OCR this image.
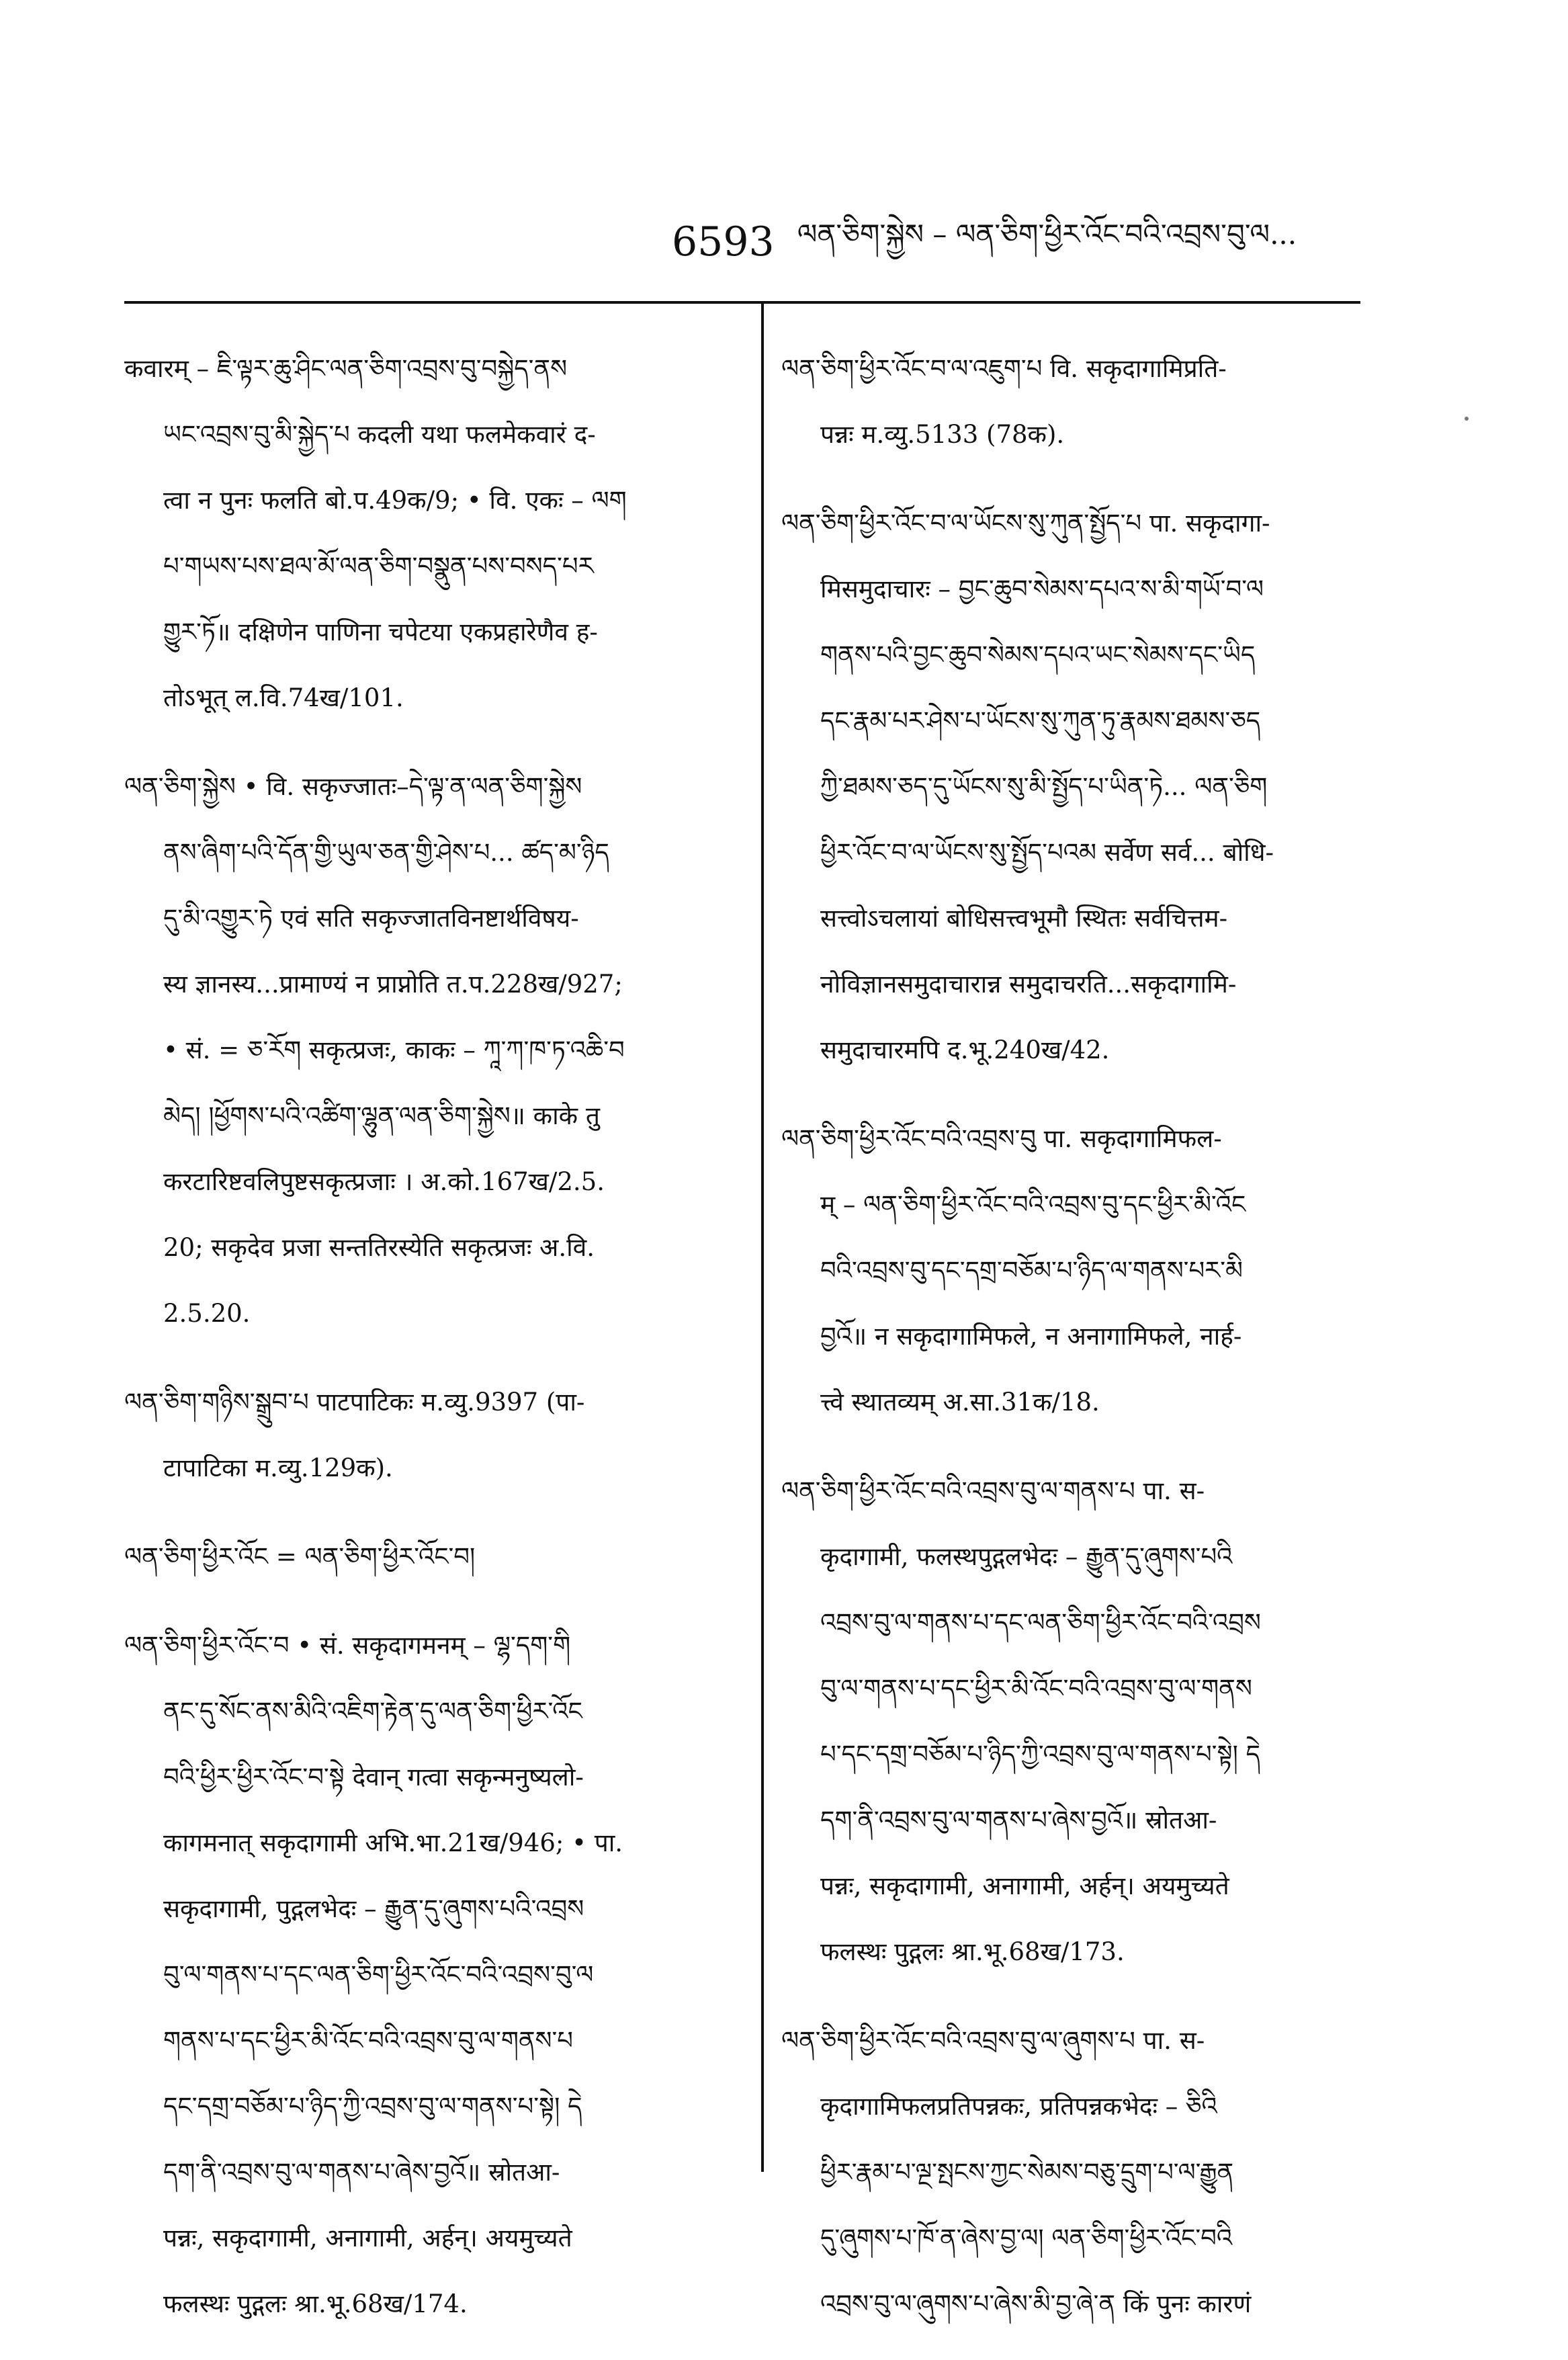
6593 ལན་ཅིག་སྐྱེས – ལན་ཅིག་ཕྱིར་འོང་བའི་འབྲས་བུ་ལ...
कवारम् – ཇི་ལྟར་ཆུ་ཤིང་ལན་ཅིག་འབྲས་བུ་བསྐྱེད་ནས
ཡང་འབྲས་བུ་མི་སྐྱེད་པ कदली यथा फलमेकवारं द-
त्वा न पुनः फलति बो.प.49क/9; • वि. एकः – ལག
པ་གཡས་པས་ཐལ་མོ་ལན་ཅིག་བསྣུན་པས་བསད་པར
གྱུར་ཏོ॥ दक्षिणेन पाणिना चपेटया एकप्रहारेणैव ह-
तोऽभूत् ल.वि.74ख/101.
ལན་ཅིག་སྐྱེས • वि. सकृज्जातः–དེ་ལྟ་ན་ལན་ཅིག་སྐྱེས
ནས་ཞིག་པའི་དོན་གྱི་ཡུལ་ཅན་གྱི་ཤེས་པ... ཚད་མ་ཉིད
དུ་མི་འགྱུར་ཏེ एवं सति सकृज्जातविनष्टार्थविषय-
स्य ज्ञानस्य...प्रामाण्यं न प्राप्नोति त.प.228ख/927;
• सं. = ཅ་རོག सकृत्प्रजः, काकः – ཀཱ་ཀ་ཁ་ཏ་འཆི་བ
མེད། །ཕྱོགས་པའི་འཚིག་ལྷུན་ལན་ཅིག་སྐྱེས॥ काके तु
करटारिष्टवलिपुष्टसकृत्प्रजाः । अ.को.167ख/2.5.
20; सकृदेव प्रजा सन्ततिरस्येति सकृत्प्रजः अ.वि.
2.5.20.
ལན་ཅིག་གཉིས་སྒྲུབ་པ पाटपाटिकः म.व्यु.9397 (पा-
टापाटिका म.व्यु.129क).
ལན་ཅིག་ཕྱིར་འོང = ལན་ཅིག་ཕྱིར་འོང་བ།
ལན་ཅིག་ཕྱིར་འོང་བ • सं. सकृदागमनम् – ལྷ་དག་གི
ནང་དུ་སོང་ནས་མིའི་འཇིག་རྟེན་དུ་ལན་ཅིག་ཕྱིར་འོང
བའི་ཕྱིར་ཕྱིར་འོང་བ་སྟེ देवान् गत्वा सकृन्मनुष्यलो-
कागमनात् सकृदागामी अभि.भा.21ख/946; • पा.
सकृदागामी, पुद्गलभेदः – རྒྱུན་དུ་ཞུགས་པའི་འབྲས
བུ་ལ་གནས་པ་དང་ལན་ཅིག་ཕྱིར་འོང་བའི་འབྲས་བུ་ལ
གནས་པ་དང་ཕྱིར་མི་འོང་བའི་འབྲས་བུ་ལ་གནས་པ
དང་དགྲ་བཅོམ་པ་ཉིད་ཀྱི་འབྲས་བུ་ལ་གནས་པ་སྟེ། དེ
དག་ནི་འབྲས་བུ་ལ་གནས་པ་ཞེས་བྱའོ॥ स्रोतआ-
पन्नः, सकृदागामी, अनागामी, अर्हन्। अयमुच्यते
फलस्थः पुद्गलः श्रा.भू.68ख/174.
ལན་ཅིག་ཕྱིར་འོང་བ་ལ་འཇུག་པ वि. सकृदागामिप्रति-
पन्नः म.व्यु.5133 (78क).
ལན་ཅིག་ཕྱིར་འོང་བ་ལ་ཡོངས་སུ་ཀུན་སྤྱོད་པ पा. सकृदागा-
मिसमुदाचारः – བྱང་ཆུབ་སེམས་དཔའ་ས་མི་གཡོ་བ་ལ
གནས་པའི་བྱང་ཆུབ་སེམས་དཔའ་ཡང་སེམས་དང་ཡིད
དང་རྣམ་པར་ཤེས་པ་ཡོངས་སུ་ཀུན་ཏུ་རྣམས་ཐམས་ཅད
ཀྱི་ཐམས་ཅད་དུ་ཡོངས་སུ་མི་སྤྱོད་པ་ཡིན་ཏེ... ལན་ཅིག
ཕྱིར་འོང་བ་ལ་ཡོངས་སུ་སྤྱོད་པའམ सर्वेण सर्व... बोधि-
सत्त्वोऽचलायां बोधिसत्त्वभूमौ स्थितः सर्वचित्तम-
नोविज्ञानसमुदाचारान्न समुदाचरति...सकृदागामि-
समुदाचारमपि द.भू.240ख/42.
ལན་ཅིག་ཕྱིར་འོང་བའི་འབྲས་བུ पा. सकृदागामिफल-
म् – ལན་ཅིག་ཕྱིར་འོང་བའི་འབྲས་བུ་དང་ཕྱིར་མི་འོང
བའི་འབྲས་བུ་དང་དགྲ་བཅོམ་པ་ཉིད་ལ་གནས་པར་མི
བྱའོ॥ न सकृदागामिफले, न अनागामिफले, नार्ह-
त्त्वे स्थातव्यम् अ.सा.31क/18.
ལན་ཅིག་ཕྱིར་འོང་བའི་འབྲས་བུ་ལ་གནས་པ पा. स-
कृदागामी, फलस्थपुद्गलभेदः – རྒྱུན་དུ་ཞུགས་པའི
འབྲས་བུ་ལ་གནས་པ་དང་ལན་ཅིག་ཕྱིར་འོང་བའི་འབྲས
བུ་ལ་གནས་པ་དང་ཕྱིར་མི་འོང་བའི་འབྲས་བུ་ལ་གནས
པ་དང་དགྲ་བཅོམ་པ་ཉིད་ཀྱི་འབྲས་བུ་ལ་གནས་པ་སྟེ། དེ
དག་ནི་འབྲས་བུ་ལ་གནས་པ་ཞེས་བྱའོ॥ स्रोतआ-
पन्नः, सकृदागामी, अनागामी, अर्हन्। अयमुच्यते
फलस्थः पुद्गलः श्रा.भू.68ख/173.
ལན་ཅིག་ཕྱིར་འོང་བའི་འབྲས་བུ་ལ་ཞུགས་པ पा. स-
कृदागामिफलप्रतिपन्नकः, प्रतिपन्नकभेदः – ཅིའི
ཕྱིར་རྣམ་པ་ལྔ་སྤངས་ཀྱང་སེམས་བཅུ་དྲུག་པ་ལ་རྒྱུན
དུ་ཞུགས་པ་ཁོ་ན་ཞེས་བྱ་ལ། ལན་ཅིག་ཕྱིར་འོང་བའི
འབྲས་བུ་ལ་ཞུགས་པ་ཞེས་མི་བྱ་ཞེ་ན किं पुनः कारणं
